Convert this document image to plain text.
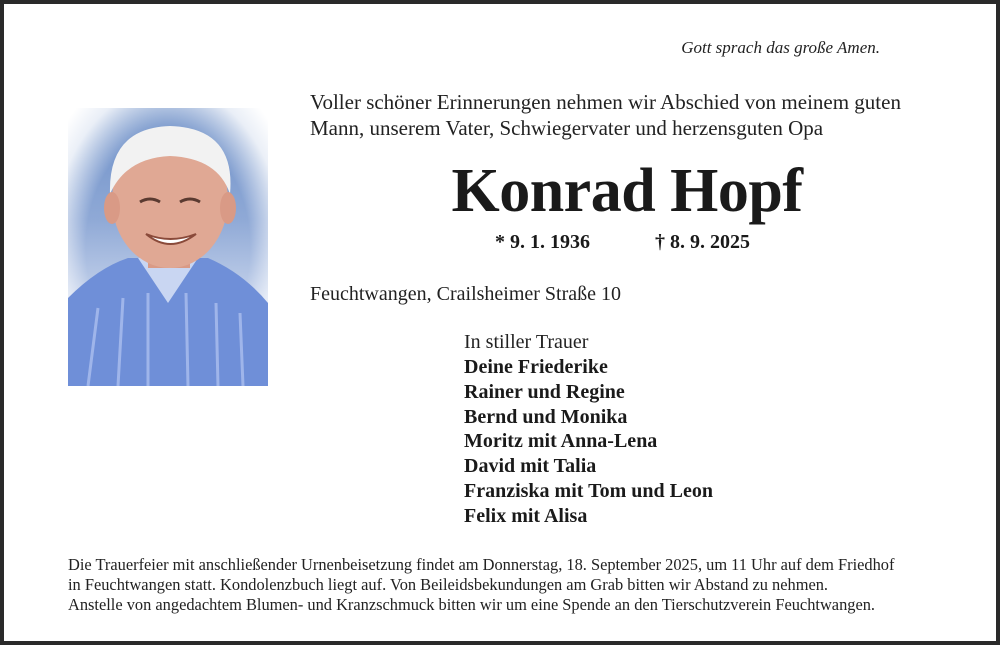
Gott sprach das große Amen.
Voller schöner Erinnerungen nehmen wir Abschied von meinem guten
Mann, unserem Vater, Schwiegervater und herzensguten Opa
Konrad Hopf
* 9. 1. 1936	† 8. 9. 2025
Feuchtwangen, Crailsheimer Straße 10
In stiller Trauer
Deine Friederike
Rainer und Regine
Bernd und Monika
Moritz mit Anna-Lena
David mit Talia
Franziska mit Tom und Leon
Felix mit Alisa
Die Trauerfeier mit anschließender Urnenbeisetzung findet am Donnerstag, 18. September 2025, um 11 Uhr auf dem Friedhof
in Feuchtwangen statt. Kondolenzbuch liegt auf. Von Beileidsbekundungen am Grab bitten wir Abstand zu nehmen.
Anstelle von angedachtem Blumen- und Kranzschmuck bitten wir um eine Spende an den Tierschutzverein Feuchtwangen.
